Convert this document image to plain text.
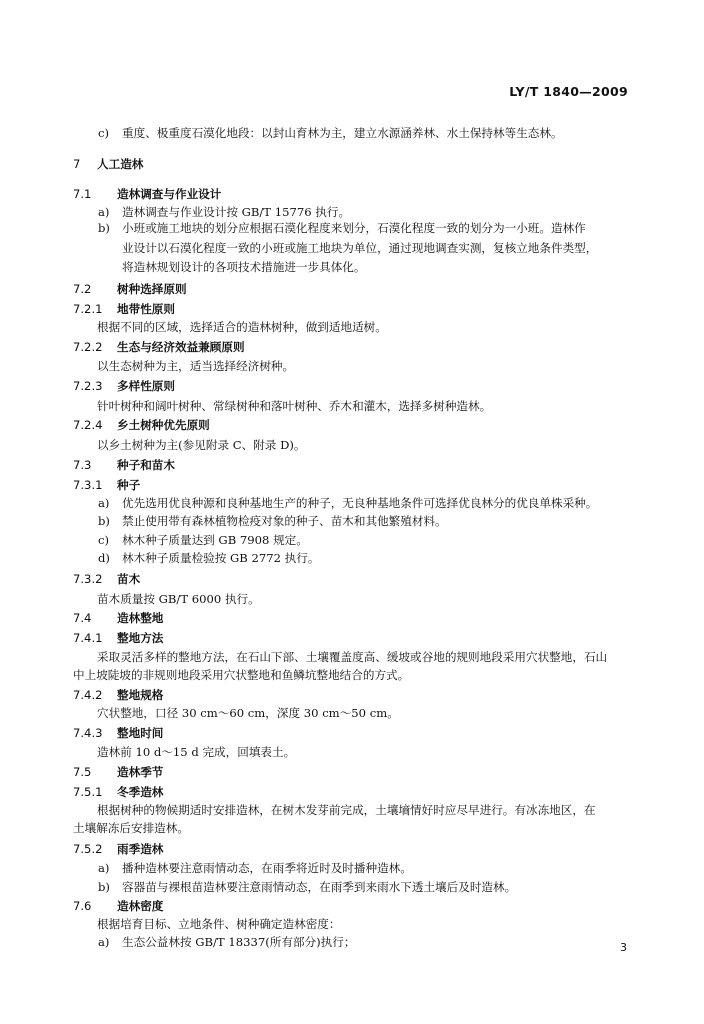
LY/T 1840—2009
c) 重度、极重度石漠化地段：以封山育林为主，建立水源涵养林、水土保持林等生态林。
7 人工造林
7.1 造林调查与作业设计
a) 造林调查与作业设计按 GB/T 15776 执行。
b) 小班或施工地块的划分应根据石漠化程度来划分，石漠化程度一致的划分为一小班。造林作
业设计以石漠化程度一致的小班或施工地块为单位，通过现地调查实测，复核立地条件类型，
将造林规划设计的各项技术措施进一步具体化。
7.2 树种选择原则
7.2.1 地带性原则
根据不同的区域，选择适合的造林树种，做到适地适树。
7.2.2 生态与经济效益兼顾原则
以生态树种为主，适当选择经济树种。
7.2.3 多样性原则
针叶树种和阔叶树种、常绿树种和落叶树种、乔木和灌木，选择多树种造林。
7.2.4 乡土树种优先原则
以乡土树种为主(参见附录 C、附录 D)。
7.3 种子和苗木
7.3.1 种子
a) 优先选用优良种源和良种基地生产的种子，无良种基地条件可选择优良林分的优良单株采种。
b) 禁止使用带有森林植物检疫对象的种子、苗木和其他繁殖材料。
c) 林木种子质量达到 GB 7908 规定。
d) 林木种子质量检验按 GB 2772 执行。
7.3.2 苗木
苗木质量按 GB/T 6000 执行。
7.4 造林整地
7.4.1 整地方法
采取灵活多样的整地方法，在石山下部、土壤覆盖度高、缓坡或谷地的规则地段采用穴状整地，石山
中上坡陡坡的非规则地段采用穴状整地和鱼鳞坑整地结合的方式。
7.4.2 整地规格
穴状整地，口径 30 cm～60 cm，深度 30 cm～50 cm。
7.4.3 整地时间
造林前 10 d～15 d 完成，回填表土。
7.5 造林季节
7.5.1 冬季造林
根据树种的物候期适时安排造林，在树木发芽前完成，土壤墒情好时应尽早进行。有冰冻地区，在
土壤解冻后安排造林。
7.5.2 雨季造林
a) 播种造林要注意雨情动态，在雨季将近时及时播种造林。
b) 容器苗与裸根苗造林要注意雨情动态，在雨季到来雨水下透土壤后及时造林。
7.6 造林密度
根据培育目标、立地条件、树种确定造林密度：
a) 生态公益林按 GB/T 18337(所有部分)执行；	3
